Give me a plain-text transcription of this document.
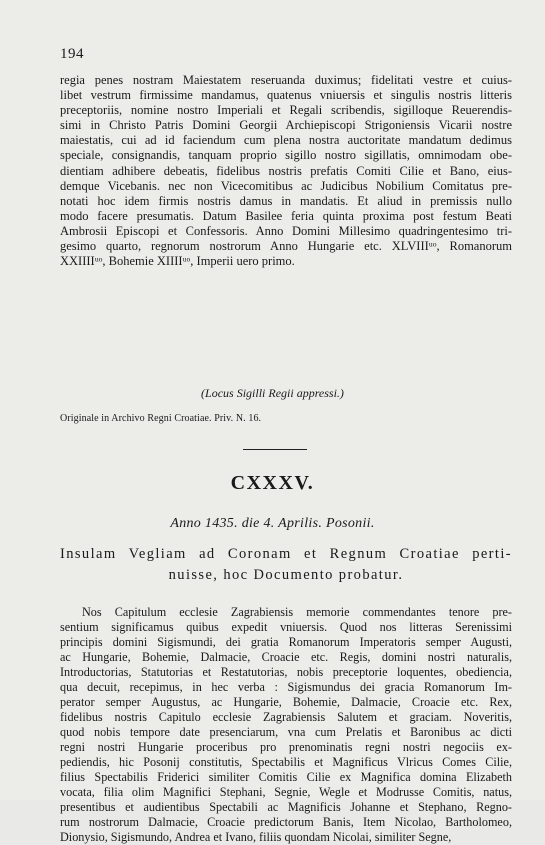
194
regia penes nostram Maiestatem reseruanda duximus; fidelitati vestre et cuius-
libet vestrum firmissime mandamus, quatenus vniuersis et singulis nostris litteris
preceptoriis, nomine nostro Imperiali et Regali scribendis, sigilloque Reuerendis-
simi in Christo Patris Domini Georgii Archiepiscopi Strigoniensis Vicarii nostre
maiestatis, cui ad id faciendum cum plena nostra auctoritate mandatum dedimus
speciale, consignandis, tanquam proprio sigillo nostro sigillatis, omnimodam obe-
dientiam adhibere debeatis, fidelibus nostris prefatis Comiti Cilie et Bano, eius-
demque Vicebanis. nec non Vicecomitibus ac Judicibus Nobilium Comitatus pre-
notati hoc idem firmis nostris damus in mandatis. Et aliud in premissis nullo
modo facere presumatis. Datum Basilee feria quinta proxima post festum Beati
Ambrosii Episcopi et Confessoris. Anno Domini Millesimo quadringentesimo tri-
gesimo quarto, regnorum nostrorum Anno Hungarie etc. XLVIIIᵘᵒ, Romanorum
XXIIIIᵘᵒ, Bohemie XIIIIᵘᵒ, Imperii uero primo.
(Locus Sigilli Regii appressi.)
Originale in Archivo Regni Croatiae. Priv. N. 16.
CXXXV.
Anno 1435. die 4. Aprilis. Posonii.
Insulam Vegliam ad Coronam et Regnum Croatiae perti-
nuisse, hoc Documento probatur.
Nos Capitulum ecclesie Zagrabiensis memorie commendantes tenore pre-
sentium significamus quibus expedit vniuersis. Quod nos litteras Serenissimi
principis domini Sigismundi, dei gratia Romanorum Imperatoris semper Augusti,
ac Hungarie, Bohemie, Dalmacie, Croacie etc. Regis, domini nostri naturalis,
Introductorias, Statutorias et Restatutorias, nobis preceptorie loquentes, obediencia,
qua decuit, recepimus, in hec verba : Sigismundus dei gracia Romanorum Im-
perator semper Augustus, ac Hungarie, Bohemie, Dalmacie, Croacie etc. Rex,
fidelibus nostris Capitulo ecclesie Zagrabiensis Salutem et graciam. Noveritis,
quod nobis tempore date presenciarum, vna cum Prelatis et Baronibus ac dicti
regni nostri Hungarie proceribus pro prenominatis regni nostri negociis ex-
pediendis, hic Posonij constitutis, Spectabilis et Magnificus Vlricus Comes Cilie,
filius Spectabilis Friderici similiter Comitis Cilie ex Magnifica domina Elizabeth
vocata, filia olim Magnifici Stephani, Segnie, Wegle et Modrusse Comitis, natus,
presentibus et audientibus Spectabili ac Magnificis Johanne et Stephano, Regno-
rum nostrorum Dalmacie, Croacie predictorum Banis, Item Nicolao, Bartholomeo,
Dionysio, Sigismundo, Andrea et Ivano, filiis quondam Nicolai, similiter Segne,
